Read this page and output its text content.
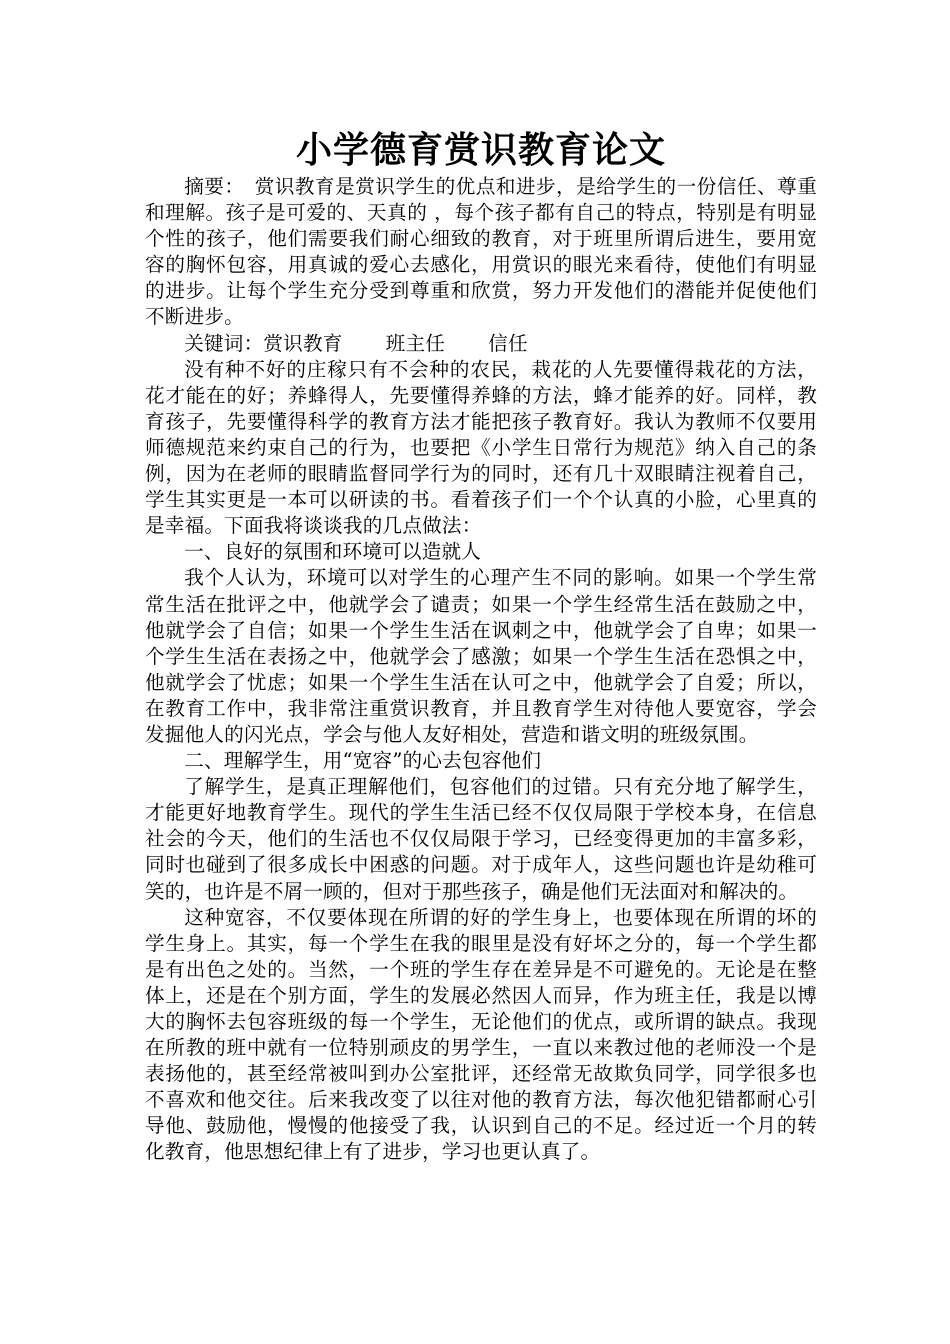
小学德育赏识教育论文

摘要：　赏识教育是赏识学生的优点和进步，是给学生的一份信任、尊重和理解。孩子是可爱的、天真的 ，每个孩子都有自己的特点，特别是有明显个性的孩子，他们需要我们耐心细致的教育，对于班里所谓后进生，要用宽容的胸怀包容，用真诚的爱心去感化，用赏识的眼光来看待，使他们有明显的进步。让每个学生充分受到尊重和欣赏，努力开发他们的潜能并促使他们不断进步。

关键词：赏识教育 班主任 信任

没有种不好的庄稼只有不会种的农民，栽花的人先要懂得栽花的方法，花才能在的好；养蜂得人，先要懂得养蜂的方法，蜂才能养的好。同样，教育孩子，先要懂得科学的教育方法才能把孩子教育好。我认为教师不仅要用师德规范来约束自己的行为，也要把《小学生日常行为规范》纳入自己的条例，因为在老师的眼睛监督同学行为的同时，还有几十双眼睛注视着自己，学生其实更是一本可以研读的书。看着孩子们一个个认真的小脸，心里真的是幸福。下面我将谈谈我的几点做法：

一、良好的氛围和环境可以造就人

我个人认为，环境可以对学生的心理产生不同的影响。如果一个学生常常生活在批评之中，他就学会了谴责；如果一个学生经常生活在鼓励之中，他就学会了自信；如果一个学生生活在讽刺之中，他就学会了自卑；如果一个学生生活在表扬之中，他就学会了感激；如果一个学生生活在恐惧之中，他就学会了忧虑；如果一个学生生活在认可之中，他就学会了自爱；所以，在教育工作中，我非常注重赏识教育，并且教育学生对待他人要宽容，学会发掘他人的闪光点，学会与他人友好相处，营造和谐文明的班级氛围。

二、理解学生，用“宽容”的心去包容他们

了解学生，是真正理解他们，包容他们的过错。只有充分地了解学生，才能更好地教育学生。现代的学生生活已经不仅仅局限于学校本身，在信息社会的今天，他们的生活也不仅仅局限于学习，已经变得更加的丰富多彩，同时也碰到了很多成长中困惑的问题。对于成年人，这些问题也许是幼稚可笑的，也许是不屑一顾的，但对于那些孩子，确是他们无法面对和解决的。

这种宽容，不仅要体现在所谓的好的学生身上，也要体现在所谓的坏的学生身上。其实，每一个学生在我的眼里是没有好坏之分的，每一个学生都是有出色之处的。当然，一个班的学生存在差异是不可避免的。无论是在整体上，还是在个别方面，学生的发展必然因人而异，作为班主任，我是以博大的胸怀去包容班级的每一个学生，无论他们的优点，或所谓的缺点。我现在所教的班中就有一位特别顽皮的男学生，一直以来教过他的老师没一个是表扬他的，甚至经常被叫到办公室批评，还经常无故欺负同学，同学很多也不喜欢和他交往。后来我改变了以往对他的教育方法，每次他犯错都耐心引导他、鼓励他，慢慢的他接受了我，认识到自己的不足。经过近一个月的转化教育，他思想纪律上有了进步，学习也更认真了。
